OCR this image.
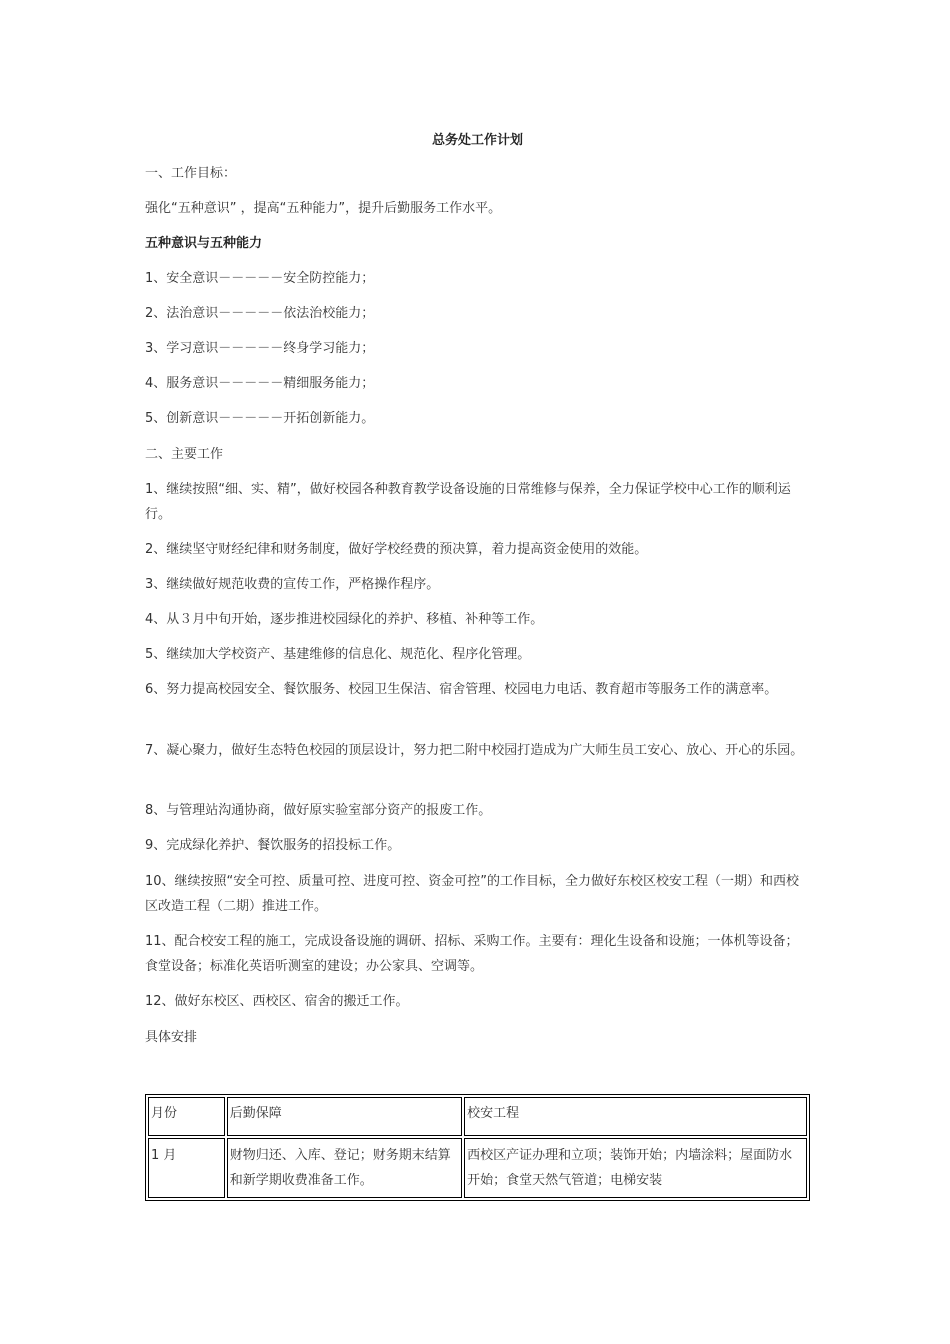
总务处工作计划
一、工作目标：
强化“五种意识” ，提高“五种能力”，提升后勤服务工作水平。
五种意识与五种能力
1、安全意识－－－－－安全防控能力；
2、法治意识－－－－－依法治校能力；
3、学习意识－－－－－终身学习能力；
4、服务意识－－－－－精细服务能力；
5、创新意识－－－－－开拓创新能力。
二、主要工作
1、继续按照“细、实、精”，做好校园各种教育教学设备设施的日常维修与保养，全力保证学校中心工作的顺利运行。
2、继续坚守财经纪律和财务制度，做好学校经费的预决算，着力提高资金使用的效能。
3、继续做好规范收费的宣传工作，严格操作程序。
4、从３月中旬开始，逐步推进校园绿化的养护、移植、补种等工作。
5、继续加大学校资产、基建维修的信息化、规范化、程序化管理。
6、努力提高校园安全、餐饮服务、校园卫生保洁、宿舍管理、校园电力电话、教育超市等服务工作的满意率。
7、凝心聚力，做好生态特色校园的顶层设计，努力把二附中校园打造成为广大师生员工安心、放心、开心的乐园。
8、与管理站沟通协商，做好原实验室部分资产的报废工作。
9、完成绿化养护、餐饮服务的招投标工作。
10、继续按照“安全可控、质量可控、进度可控、资金可控”的工作目标，全力做好东校区校安工程（一期）和西校区改造工程（二期）推进工作。
11、配合校安工程的施工，完成设备设施的调研、招标、采购工作。主要有：理化生设备和设施；一体机等设备；食堂设备；标准化英语听测室的建设；办公家具、空调等。
12、做好东校区、西校区、宿舍的搬迁工作。
具体安排
月份	后勤保障	校安工程
1 月	财物归还、入库、登记；财务期末结算和新学期收费准备工作。	西校区产证办理和立项；装饰开始；内墙涂料；屋面防水开始；食堂天然气管道；电梯安装
